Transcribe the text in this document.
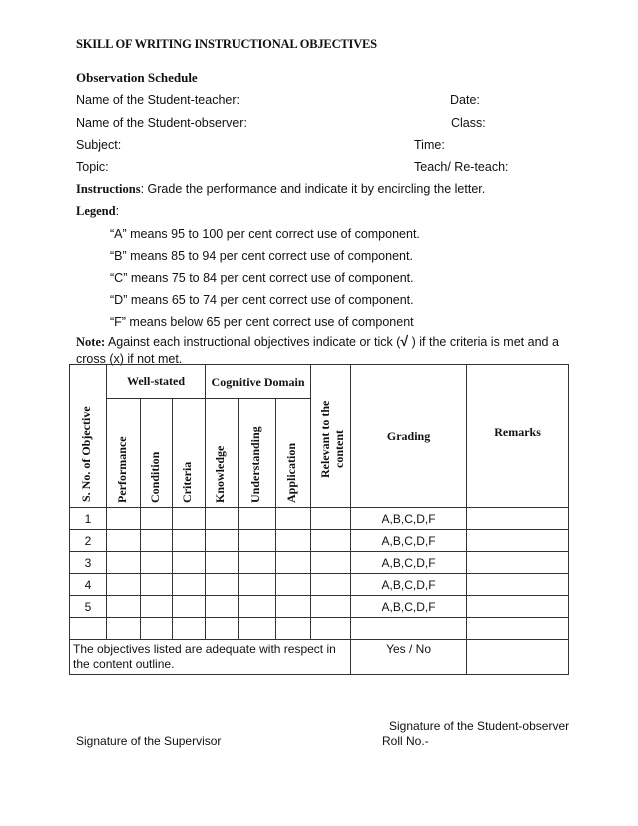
SKILL OF WRITING INSTRUCTIONAL OBJECTIVES
Observation Schedule
Name of the Student-teacher:	Date:
Name of the Student-observer:	Class:
Subject:	Time:
Topic:	Teach/ Re-teach:
Instructions: Grade the performance and indicate it by encircling the letter.
Legend:
“A” means 95 to 100 per cent correct use of component.
“B” means 85 to 94 per cent correct use of component.
“C” means 75 to 84 per cent correct use of component.
“D” means 65 to 74 per cent correct use of component.
“F” means below 65 per cent correct use of component
Note: Against each instructional objectives indicate or tick (√ ) if the criteria is met and a cross (x) if not met.
S. No. of Objective	Well-stated			Cognitive Domain			Relevant to the content	Grading	Remarks

	Performance	Condition	Criteria	Knowledge	Understanding	Application			

1								A,B,C,D,F	
2								A,B,C,D,F	
3								A,B,C,D,F	
4								A,B,C,D,F	
5								A,B,C,D,F	

The objectives listed are adequate with respect in the content outline.								Yes / No	
Signature of the Student-observer
Roll No.-
Signature of the Supervisor
